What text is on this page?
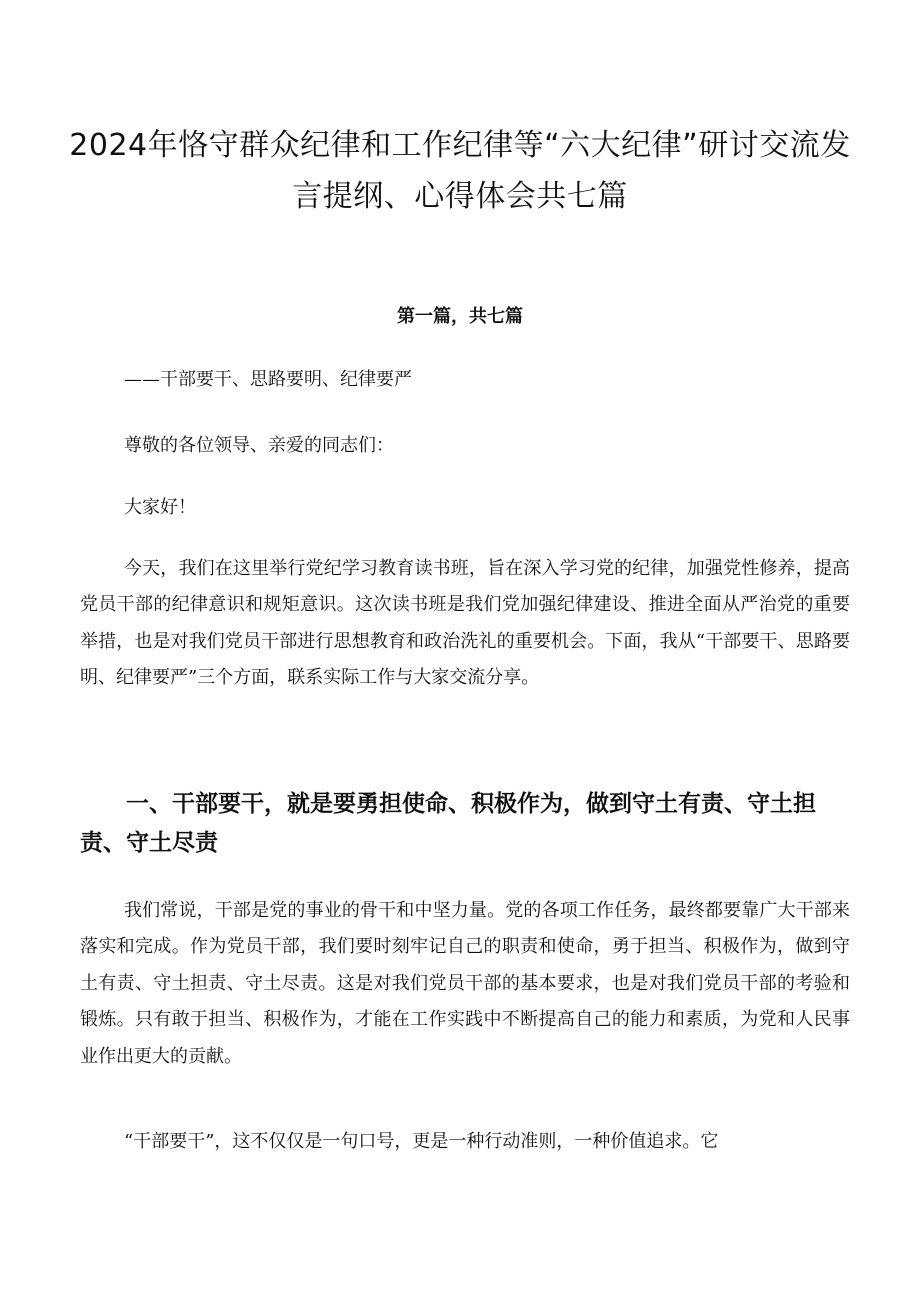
2024年恪守群众纪律和工作纪律等“六大纪律”研讨交流发言提纲、心得体会共七篇
第一篇，共七篇

——干部要干、思路要明、纪律要严

尊敬的各位领导、亲爱的同志们：

大家好！

今天，我们在这里举行党纪学习教育读书班，旨在深入学习党的纪律，加强党性修养，提高党员干部的纪律意识和规矩意识。这次读书班是我们党加强纪律建设、推进全面从严治党的重要举措，也是对我们党员干部进行思想教育和政治洗礼的重要机会。下面，我从“干部要干、思路要明、纪律要严”三个方面，联系实际工作与大家交流分享。

一、干部要干，就是要勇担使命、积极作为，做到守土有责、守土担责、守土尽责

我们常说，干部是党的事业的骨干和中坚力量。党的各项工作任务，最终都要靠广大干部来落实和完成。作为党员干部，我们要时刻牢记自己的职责和使命，勇于担当、积极作为，做到守土有责、守土担责、守土尽责。这是对我们党员干部的基本要求，也是对我们党员干部的考验和锻炼。只有敢于担当、积极作为，才能在工作实践中不断提高自己的能力和素质，为党和人民事业作出更大的贡献。

“干部要干”，这不仅仅是一句口号，更是一种行动准则，一种价值追求。它
